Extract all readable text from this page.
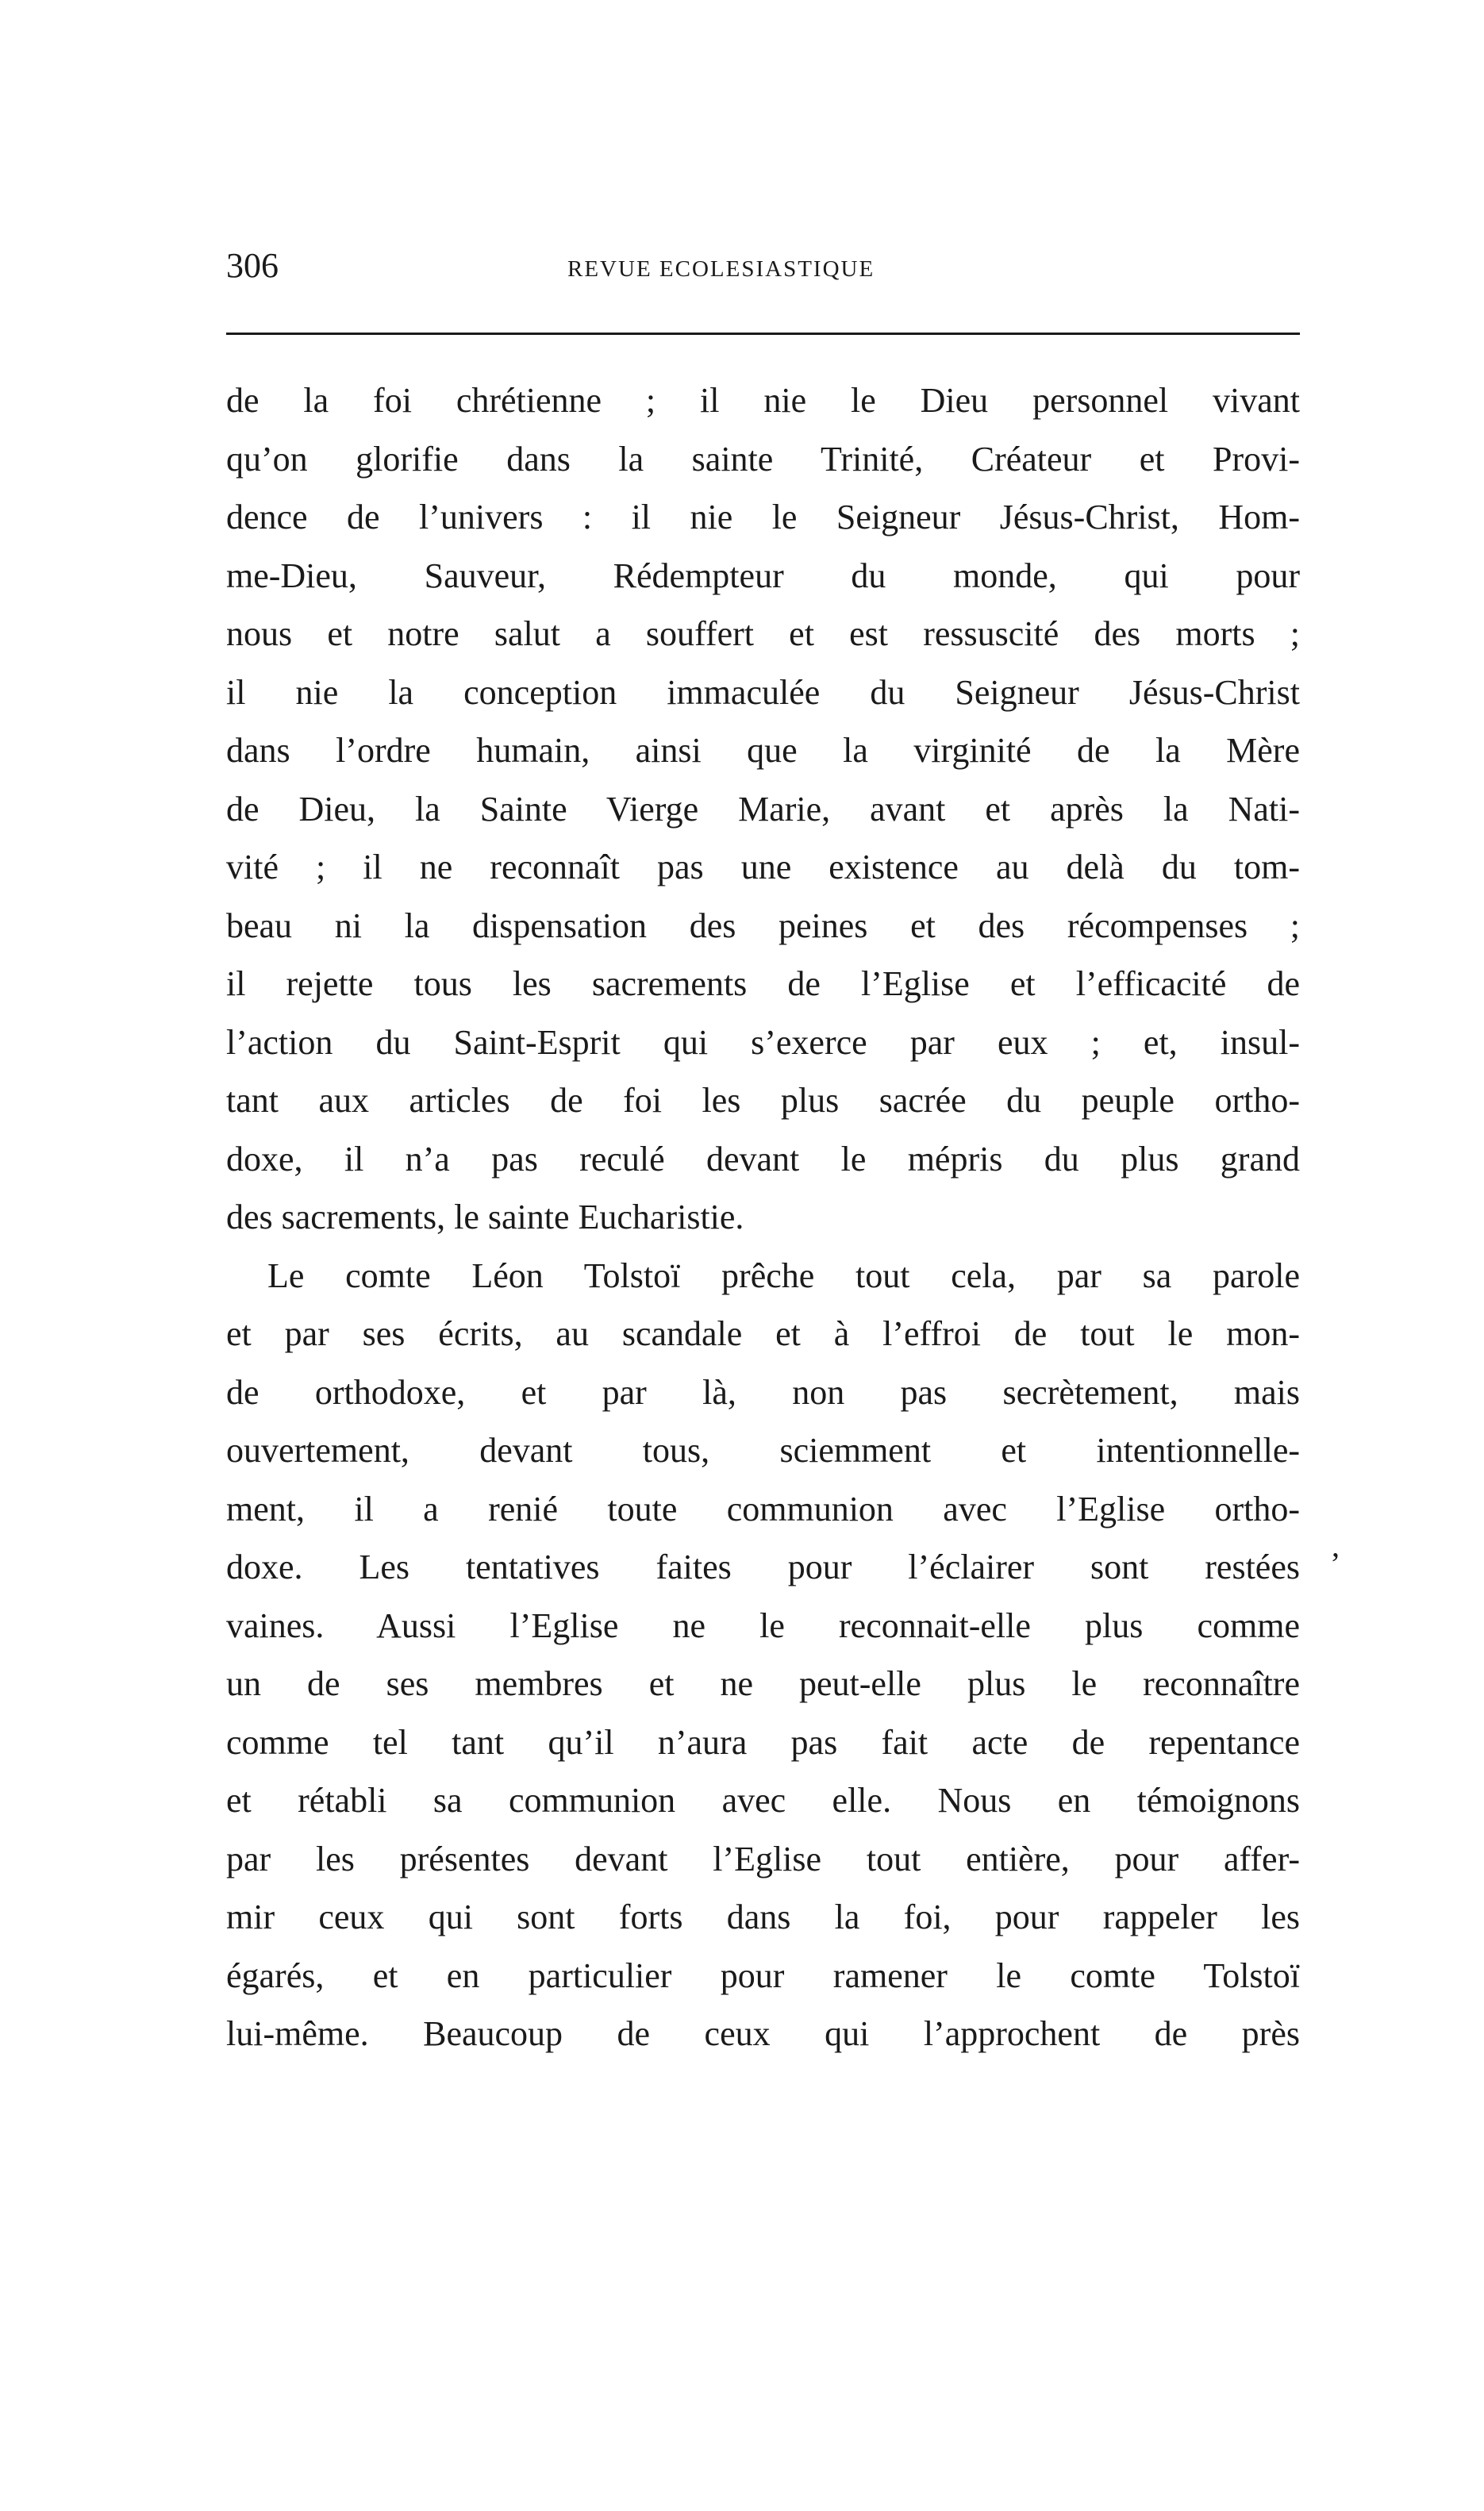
306	REVUE ECOLESIASTIQUE
de la foi chrétienne ; il nie le Dieu personnel vivant
qu’on glorifie dans la sainte Trinité, Créateur et Provi-
dence de l’univers : il nie le Seigneur Jésus-Christ, Hom-
me-Dieu, Sauveur, Rédempteur du monde, qui pour
nous et notre salut a souffert et est ressuscité des morts ;
il nie la conception immaculée du Seigneur Jésus-Christ
dans l’ordre humain, ainsi que la virginité de la Mère
de Dieu, la Sainte Vierge Marie, avant et après la Nati-
vité ; il ne reconnaît pas une existence au delà du tom-
beau ni la dispensation des peines et des récompenses ;
il rejette tous les sacrements de l’Eglise et l’efficacité de
l’action du Saint-Esprit qui s’exerce par eux ; et, insul-
tant aux articles de foi les plus sacrée du peuple ortho-
doxe, il n’a pas reculé devant le mépris du plus grand
des sacrements, le sainte Eucharistie.
Le comte Léon Tolstoï prêche tout cela, par sa parole
et par ses écrits, au scandale et à l’effroi de tout le mon-
de orthodoxe, et par là, non pas secrètement, mais
ouvertement, devant tous, sciemment et intentionnelle-
ment, il a renié toute communion avec l’Eglise ortho-
doxe. Les tentatives faites pour l’éclairer sont restées
vaines. Aussi l’Eglise ne le reconnait-elle plus comme
un de ses membres et ne peut-elle plus le reconnaître
comme tel tant qu’il n’aura pas fait acte de repentance
et rétabli sa communion avec elle. Nous en témoignons
par les présentes devant l’Eglise tout entière, pour affer-
mir ceux qui sont forts dans la foi, pour rappeler les
égarés, et en particulier pour ramener le comte Tolstoï
lui-même. Beaucoup de ceux qui l’approchent de près
,
